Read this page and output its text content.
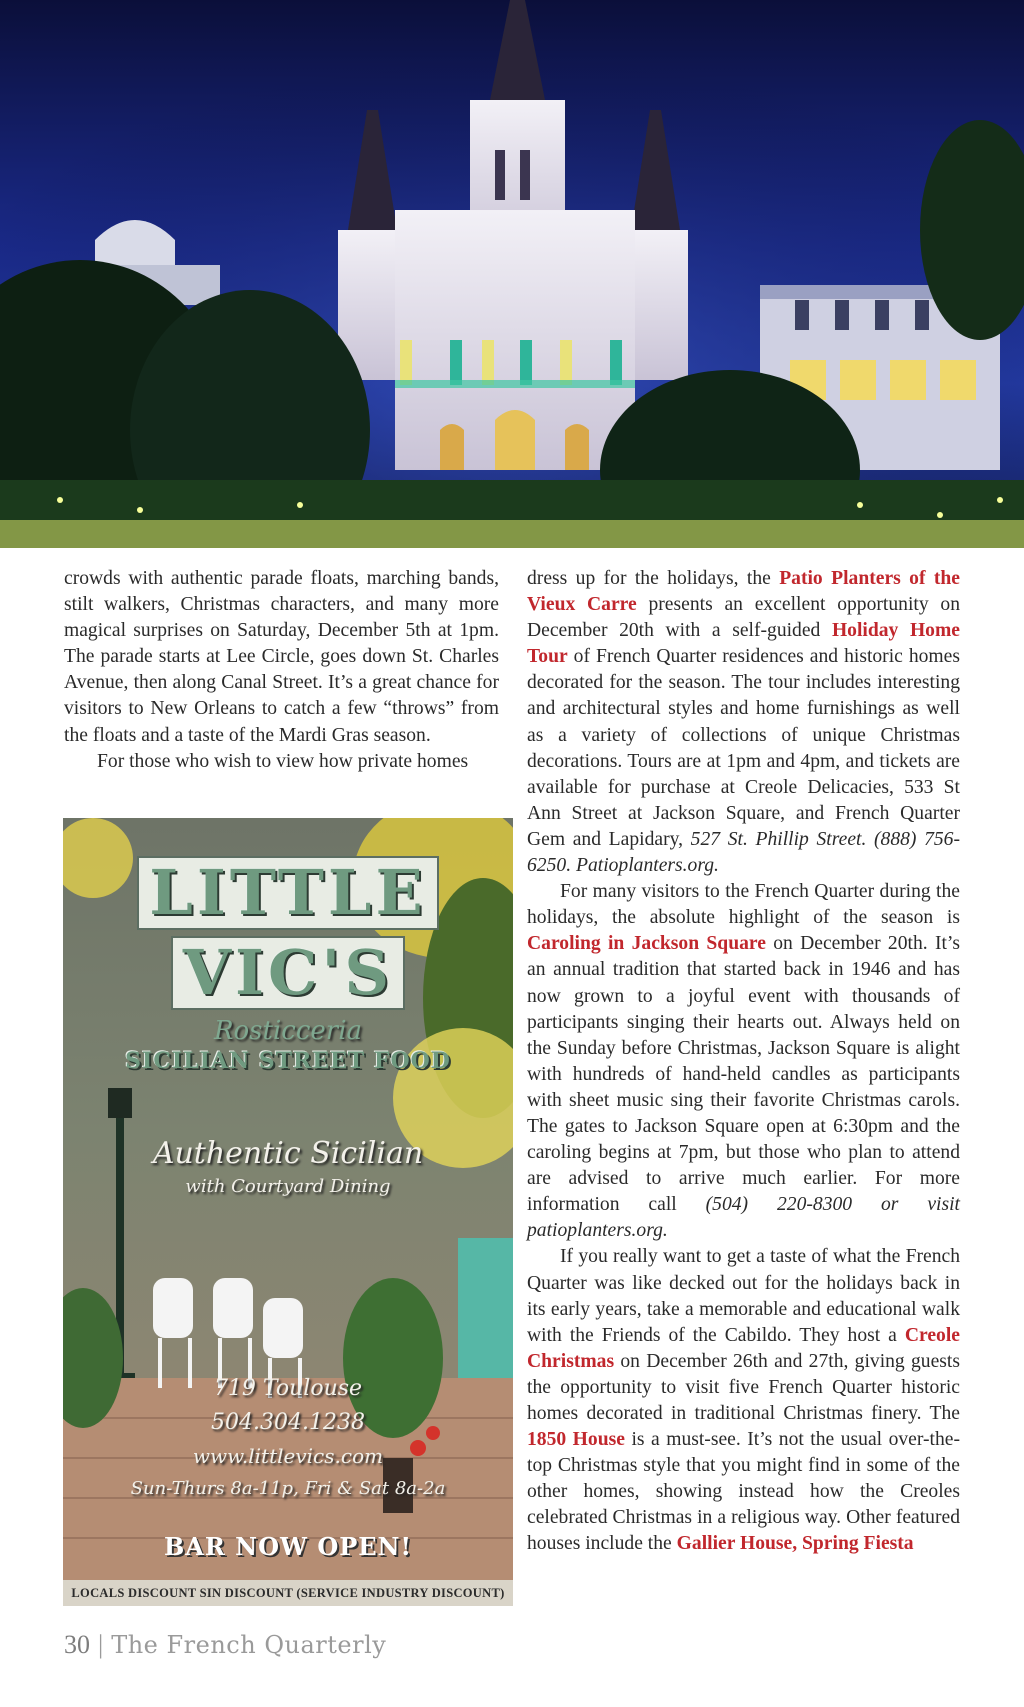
crowds with authentic parade floats, marching bands, stilt walkers, Christmas characters, and many more magical surprises on Saturday, December 5th at 1pm. The parade starts at Lee Circle, goes down St. Charles Avenue, then along Canal Street. It’s a great chance for visitors to New Orleans to catch a few “throws” from the floats and a taste of the Mardi Gras season.

For those who wish to view how private homes

LITTLE
VIC'S
Rosticceria
SICILIAN STREET FOOD
Authentic Sicilian
with Courtyard Dining
719 Toulouse
504.304.1238
www.littlevics.com
Sun-Thurs 8a-11p, Fri & Sat 8a-2a
BAR NOW OPEN!
LOCALS DISCOUNT SIN DISCOUNT (SERVICE INDUSTRY DISCOUNT)

dress up for the holidays, the Patio Planters of the Vieux Carre presents an excellent opportunity on December 20th with a self-guided Holiday Home Tour of French Quarter residences and historic homes decorated for the season. The tour includes interesting and architectural styles and home furnishings as well as a variety of collections of unique Christmas decorations. Tours are at 1pm and 4pm, and tickets are available for purchase at Creole Delicacies, 533 St Ann Street at Jackson Square, and French Quarter Gem and Lapidary, 527 St. Phillip Street. (888) 756-6250. Patioplanters.org.

For many visitors to the French Quarter during the holidays, the absolute highlight of the season is Caroling in Jackson Square on December 20th. It’s an annual tradition that started back in 1946 and has now grown to a joyful event with thousands of participants singing their hearts out. Always held on the Sunday before Christmas, Jackson Square is alight with hundreds of hand-held candles as participants with sheet music sing their favorite Christmas carols. The gates to Jackson Square open at 6:30pm and the caroling begins at 7pm, but those who plan to attend are advised to arrive much earlier. For more information call (504) 220-8300 or visit patioplanters.org.

If you really want to get a taste of what the French Quarter was like decked out for the holidays back in its early years, take a memorable and educational walk with the Friends of the Cabildo. They host a Creole Christmas on December 26th and 27th, giving guests the opportunity to visit five French Quarter historic homes decorated in traditional Christmas finery. The 1850 House is a must-see. It’s not the usual over-the-top Christmas style that you might find in some of the other homes, showing instead how the Creoles celebrated Christmas in a religious way. Other featured houses include the Gallier House, Spring Fiesta

30 | The French Quarterly
